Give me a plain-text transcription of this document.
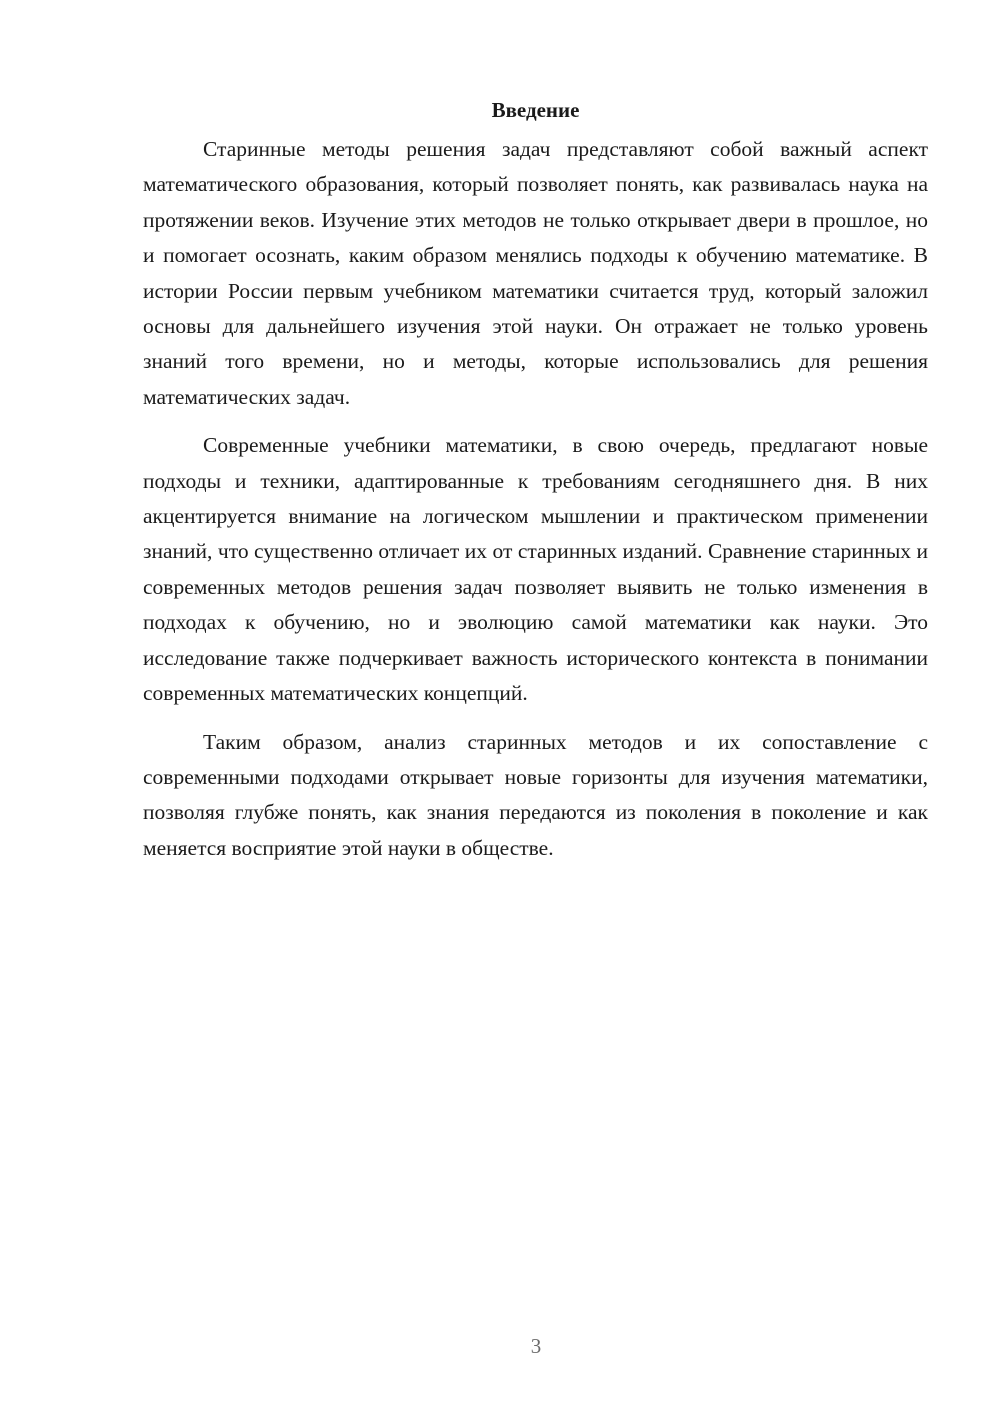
Введение

Старинные методы решения задач представляют собой важный аспект математического образования, который позволяет понять, как развивалась наука на протяжении веков. Изучение этих методов не только открывает двери в прошлое, но и помогает осознать, каким образом менялись подходы к обучению математике. В истории России первым учебником математики считается труд, который заложил основы для дальнейшего изучения этой науки. Он отражает не только уровень знаний того времени, но и методы, которые использовались для решения математических задач.

Современные учебники математики, в свою очередь, предлагают новые подходы и техники, адаптированные к требованиям сегодняшнего дня. В них акцентируется внимание на логическом мышлении и практическом применении знаний, что существенно отличает их от старинных изданий. Сравнение старинных и современных методов решения задач позволяет выявить не только изменения в подходах к обучению, но и эволюцию самой математики как науки. Это исследование также подчеркивает важность исторического контекста в понимании современных математических концепций.

Таким образом, анализ старинных методов и их сопоставление с современными подходами открывает новые горизонты для изучения математики, позволяя глубже понять, как знания передаются из поколения в поколение и как меняется восприятие этой науки в обществе.

3
